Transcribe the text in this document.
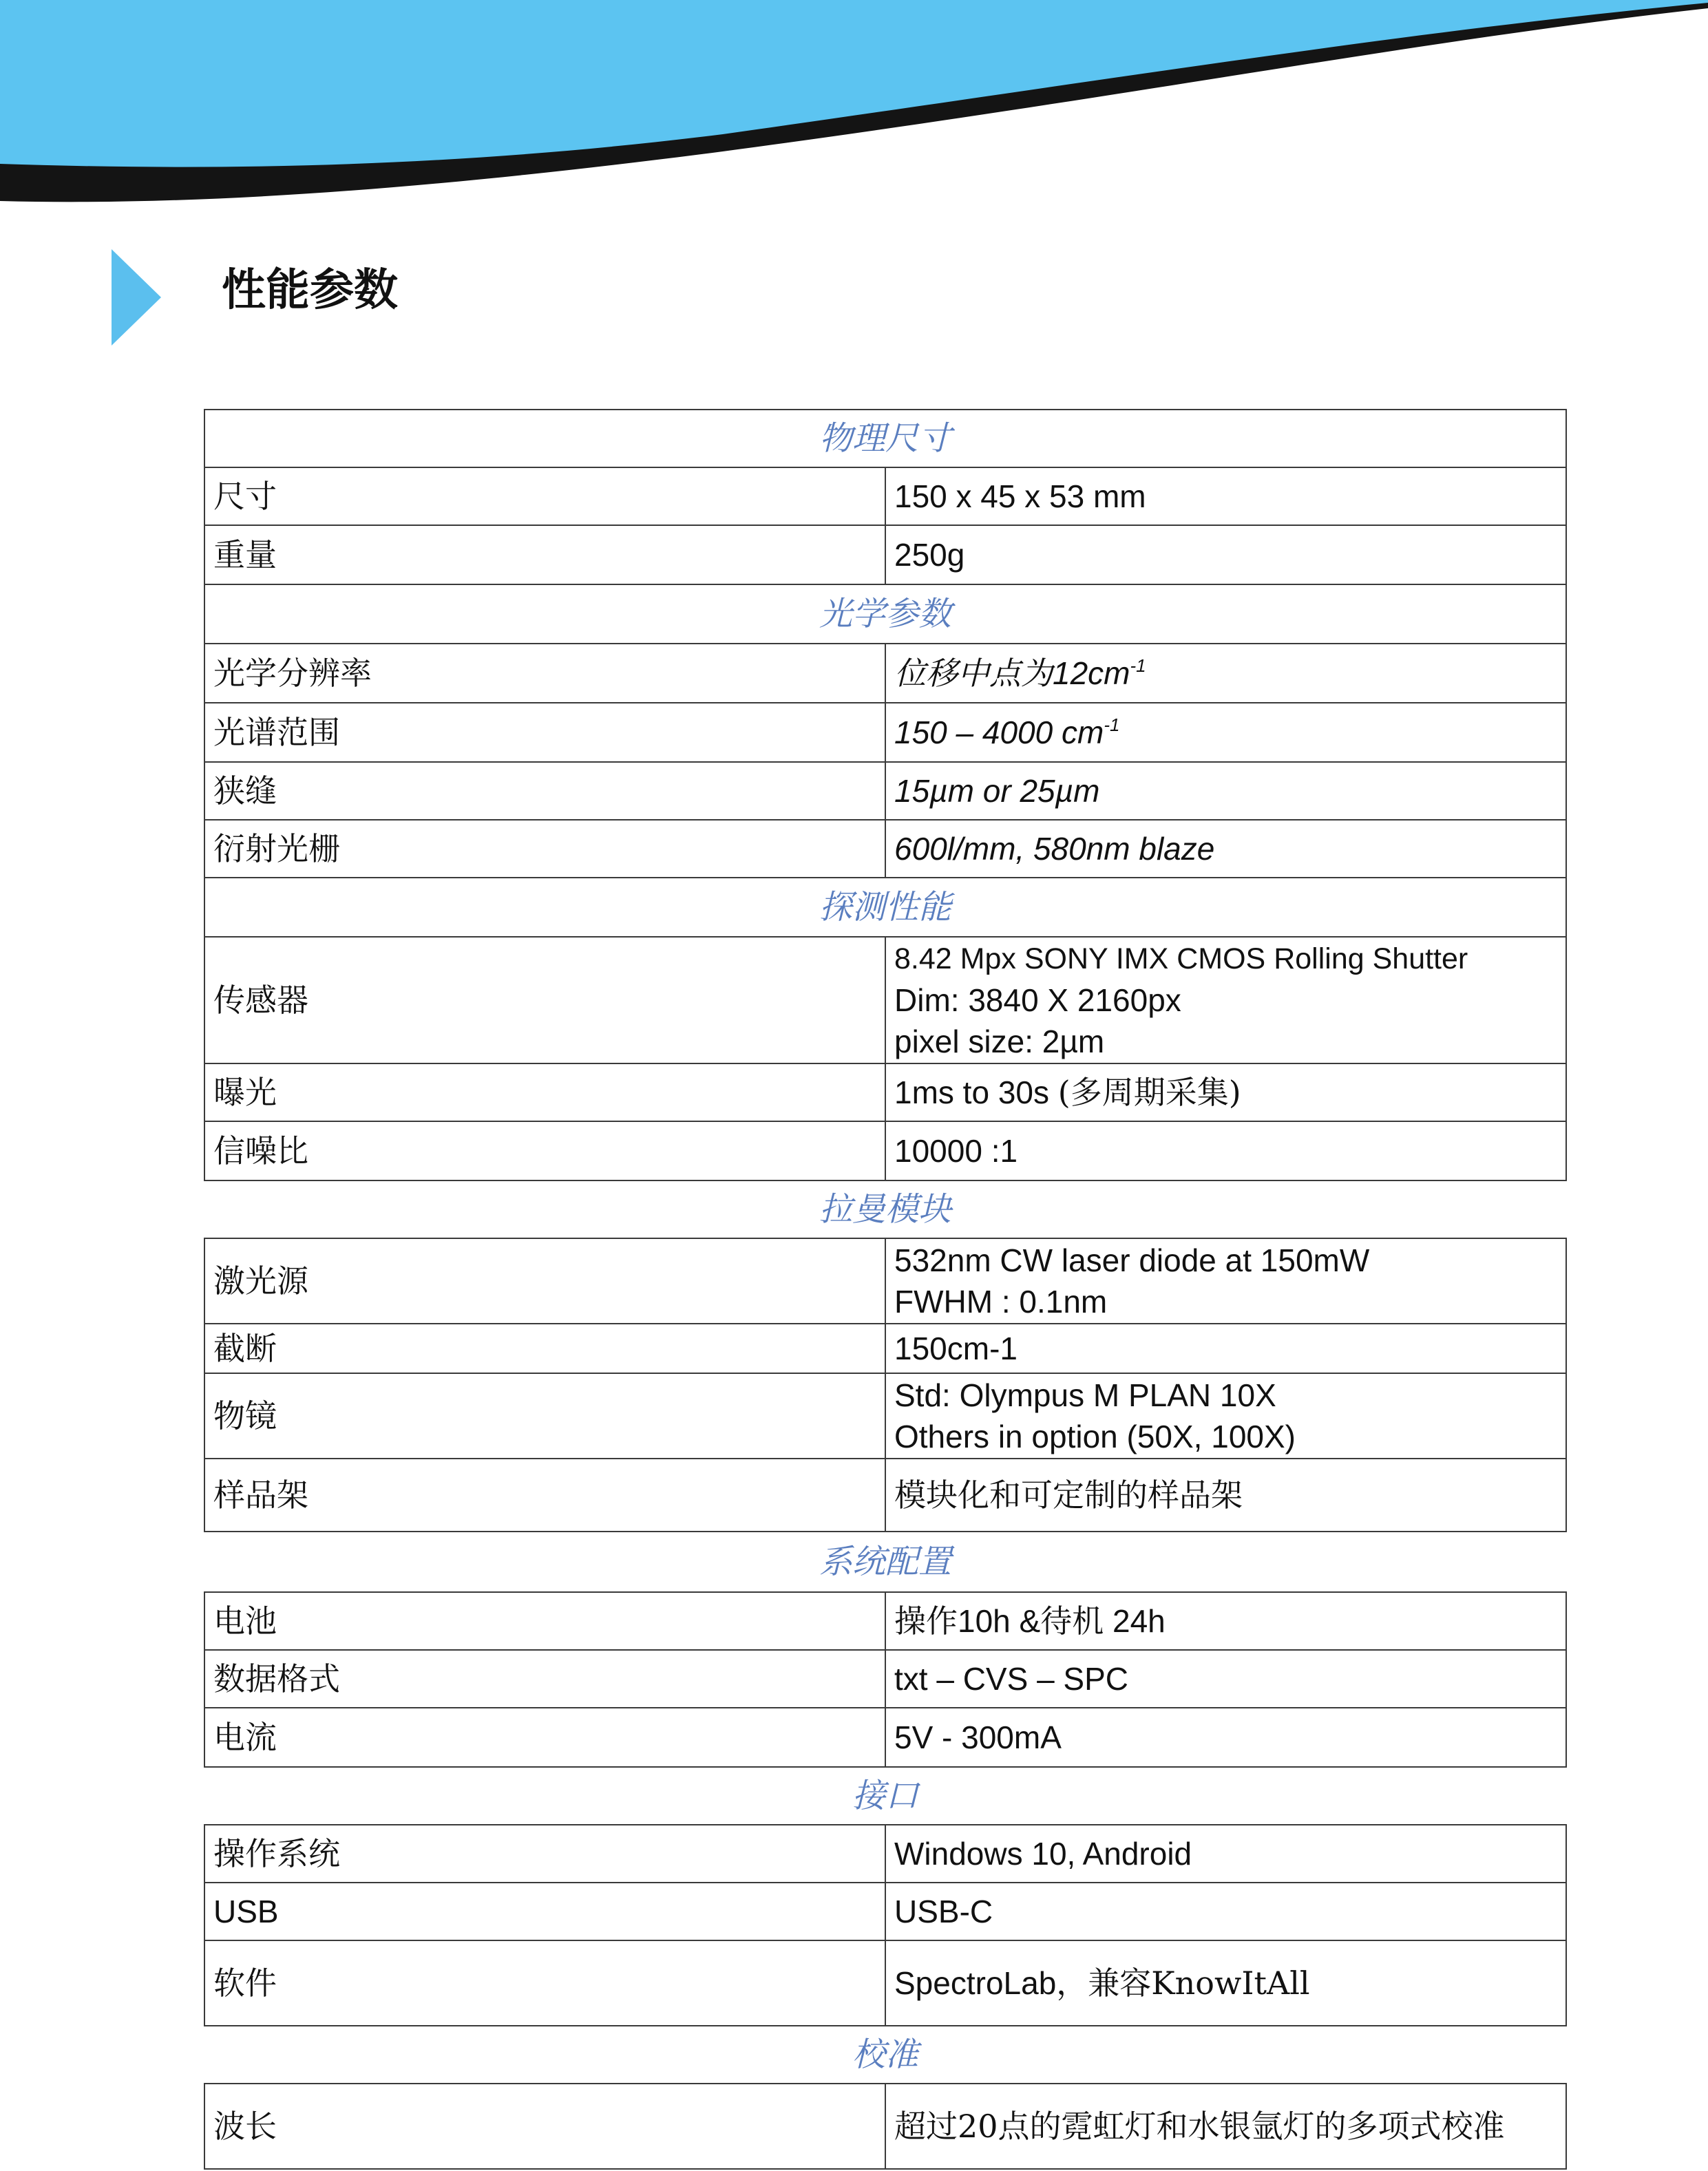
性能参数
物理尺寸	
尺寸	150 x 45 x 53 mm
重量	250g
光学参数	
光学分辨率	位移中点为$12cm^{-1}$
光谱范围	150 – 4000 $cm^{-1}$
狭缝	15µm or 25µm
衍射光栅	600l/mm, 580nm blaze
探测性能	
传感器	8.42 Mpx SONY IMX CMOS Rolling Shutter
Dim: 3840 X 2160px
pixel size: 2µm

曝光	1ms to 30s (多周期采集)
信噪比	10000 :1
拉曼模块	
激光源	532nm CW laser diode at 150mW
FWHM : 0.1nm

截断	150cm-1
物镜	Std: Olympus M PLAN 10X
Others in option (50X, 100X)

样品架	模块化和可定制的样品架
系统配置	
电池	操作10h &待机 24h
数据格式	txt – CVS – SPC
电流	5V - 300mA
接口	
操作系统	Windows 10, Android
USB	USB-C
软件	SpectroLab，兼容KnowItAll
校准	
波长	超过20点的霓虹灯和水银氩灯的多项式校准
